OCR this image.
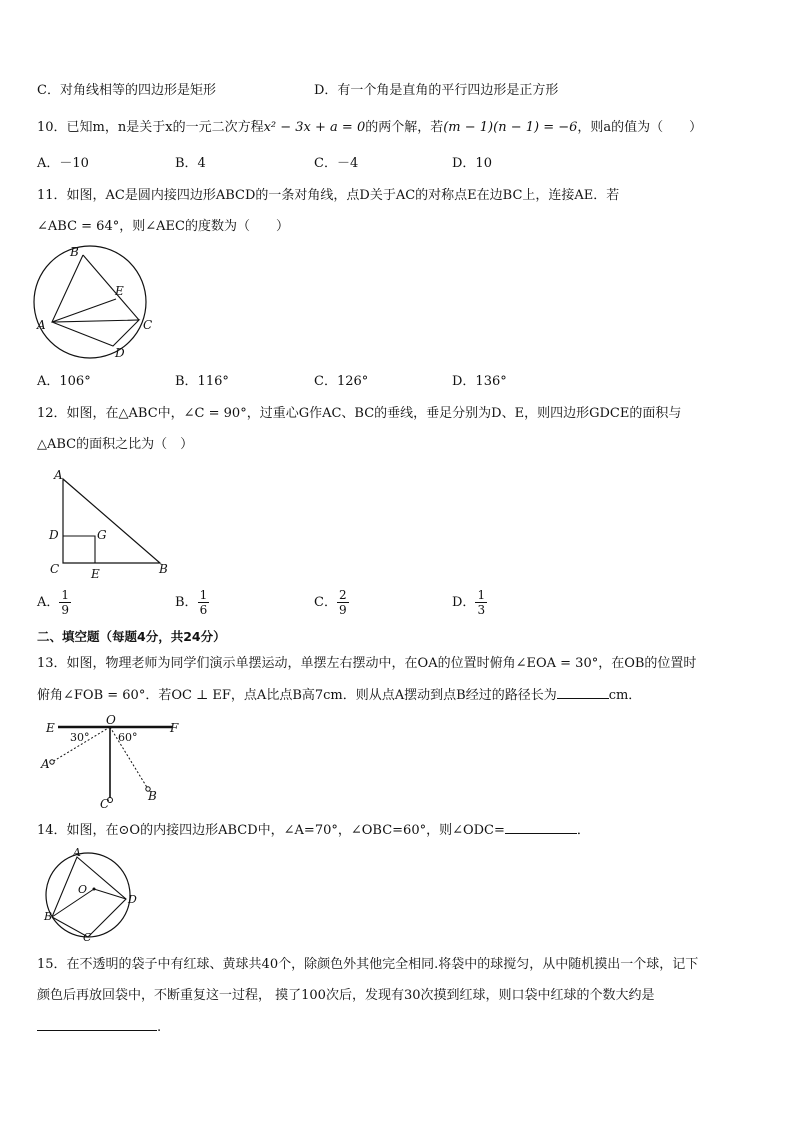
C．对角线相等的四边形是矩形	D．有一个角是直角的平行四边形是正方形
10．已知m，n是关于x的一元二次方程x² − 3x + a = 0的两个解，若(m − 1)(n − 1) = −6，则a的值为（　　）
A．－10	B．4	C．－4	D．10
11．如图，AC是圆内接四边形ABCD的一条对角线，点D关于AC的对称点E在边BC上，连接AE．若
∠ABC = 64°，则∠AEC的度数为（　　）
B
E
A	C
D
A．106°	B．116°	C．126°	D．136°
12．如图，在△ABC中，∠C = 90°，过重心G作AC、BC的垂线，垂足分别为D、E，则四边形GDCE的面积与
△ABC的面积之比为（　）
A
D	G
C	E	B
A． $\frac{1}{9}$	B． $\frac{1}{6}$	C． $\frac{2}{9}$	D． $\frac{1}{3}$
二、填空题（每题4分，共24分）
13．如图，物理老师为同学们演示单摆运动，单摆左右摆动中，在OA的位置时俯角∠EOA = 30°，在OB的位置时
俯角∠FOB = 60°．若OC ⊥ EF，点A比点B高7cm．则从点A摆动到点B经过的路径长为	cm．
E
O
F
30°	60°
A
B
C
14．如图，在⊙O的内接四边形ABCD中，∠A=70°，∠OBC=60°，则∠ODC=	．
A
O
D
B
C
15．在不透明的袋子中有红球、黄球共40个，除颜色外其他完全相同.将袋中的球搅匀，从中随机摸出一个球，记下
颜色后再放回袋中，不断重复这一过程， 摸了100次后，发现有30次摸到红球，则口袋中红球的个数大约是
.
